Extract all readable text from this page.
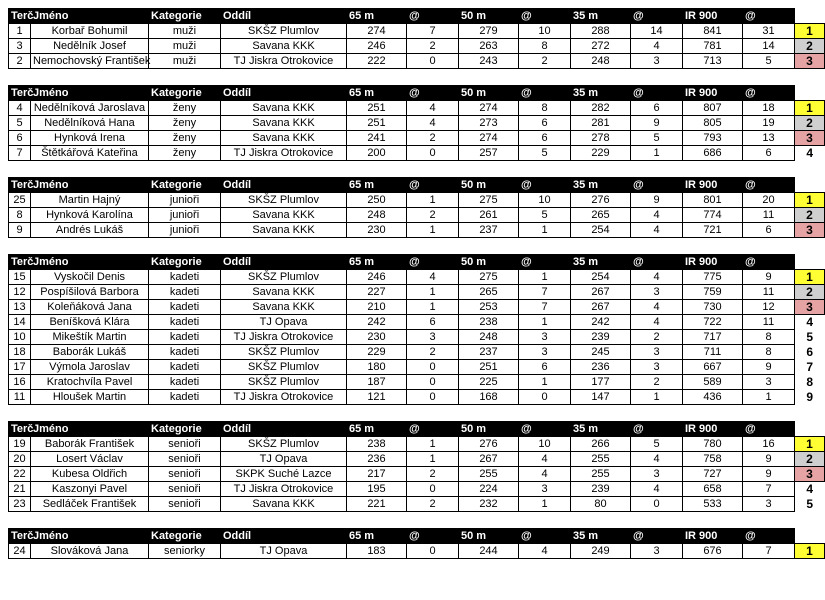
Terč	Jméno	Kategorie	Oddíl	65 m	@	50 m	@	35 m	@	IR 900	@	
1	Korbař Bohumil	muži	SKŠZ Plumlov	274	7	279	10	288	14	841	31	1
3	Nedělník Josef	muži	Savana KKK	246	2	263	8	272	4	781	14	2
2	Nemochovský František	muži	TJ Jiskra Otrokovice	222	0	243	2	248	3	713	5	3
Terč	Jméno	Kategorie	Oddíl	65 m	@	50 m	@	35 m	@	IR 900	@	
4	Nedělníková Jaroslava	ženy	Savana KKK	251	4	274	8	282	6	807	18	1
5	Nedělníková Hana	ženy	Savana KKK	251	4	273	6	281	9	805	19	2
6	Hynková Irena	ženy	Savana KKK	241	2	274	6	278	5	793	13	3
7	Štětkářová Kateřina	ženy	TJ Jiskra Otrokovice	200	0	257	5	229	1	686	6	4
Terč	Jméno	Kategorie	Oddíl	65 m	@	50 m	@	35 m	@	IR 900	@	
25	Martin Hajný	junioři	SKŠZ Plumlov	250	1	275	10	276	9	801	20	1
8	Hynková Karolína	junioři	Savana KKK	248	2	261	5	265	4	774	11	2
9	Andrés Lukáš	junioři	Savana KKK	230	1	237	1	254	4	721	6	3
Terč	Jméno	Kategorie	Oddíl	65 m	@	50 m	@	35 m	@	IR 900	@	
15	Vyskočil Denis	kadeti	SKŠZ Plumlov	246	4	275	1	254	4	775	9	1
12	Pospíšilová Barbora	kadeti	Savana KKK	227	1	265	7	267	3	759	11	2
13	Koleňáková Jana	kadeti	Savana KKK	210	1	253	7	267	4	730	12	3
14	Beníšková Klára	kadeti	TJ Opava	242	6	238	1	242	4	722	11	4
10	Mikeštík Martin	kadeti	TJ Jiskra Otrokovice	230	3	248	3	239	2	717	8	5
18	Baborák Lukáš	kadeti	SKŠZ Plumlov	229	2	237	3	245	3	711	8	6
17	Výmola Jaroslav	kadeti	SKŠZ Plumlov	180	0	251	6	236	3	667	9	7
16	Kratochvíla Pavel	kadeti	SKŠZ Plumlov	187	0	225	1	177	2	589	3	8
11	Hloušek Martin	kadeti	TJ Jiskra Otrokovice	121	0	168	0	147	1	436	1	9
Terč	Jméno	Kategorie	Oddíl	65 m	@	50 m	@	35 m	@	IR 900	@	
19	Baborák František	senioři	SKŠZ Plumlov	238	1	276	10	266	5	780	16	1
20	Losert Václav	senioři	TJ Opava	236	1	267	4	255	4	758	9	2
22	Kubesa Oldřich	senioři	SKPK Suché Lazce	217	2	255	4	255	3	727	9	3
21	Kaszonyi Pavel	senioři	TJ Jiskra Otrokovice	195	0	224	3	239	4	658	7	4
23	Sedláček František	senioři	Savana KKK	221	2	232	1	80	0	533	3	5
Terč	Jméno	Kategorie	Oddíl	65 m	@	50 m	@	35 m	@	IR 900	@	
24	Slováková Jana	seniorky	TJ Opava	183	0	244	4	249	3	676	7	1
